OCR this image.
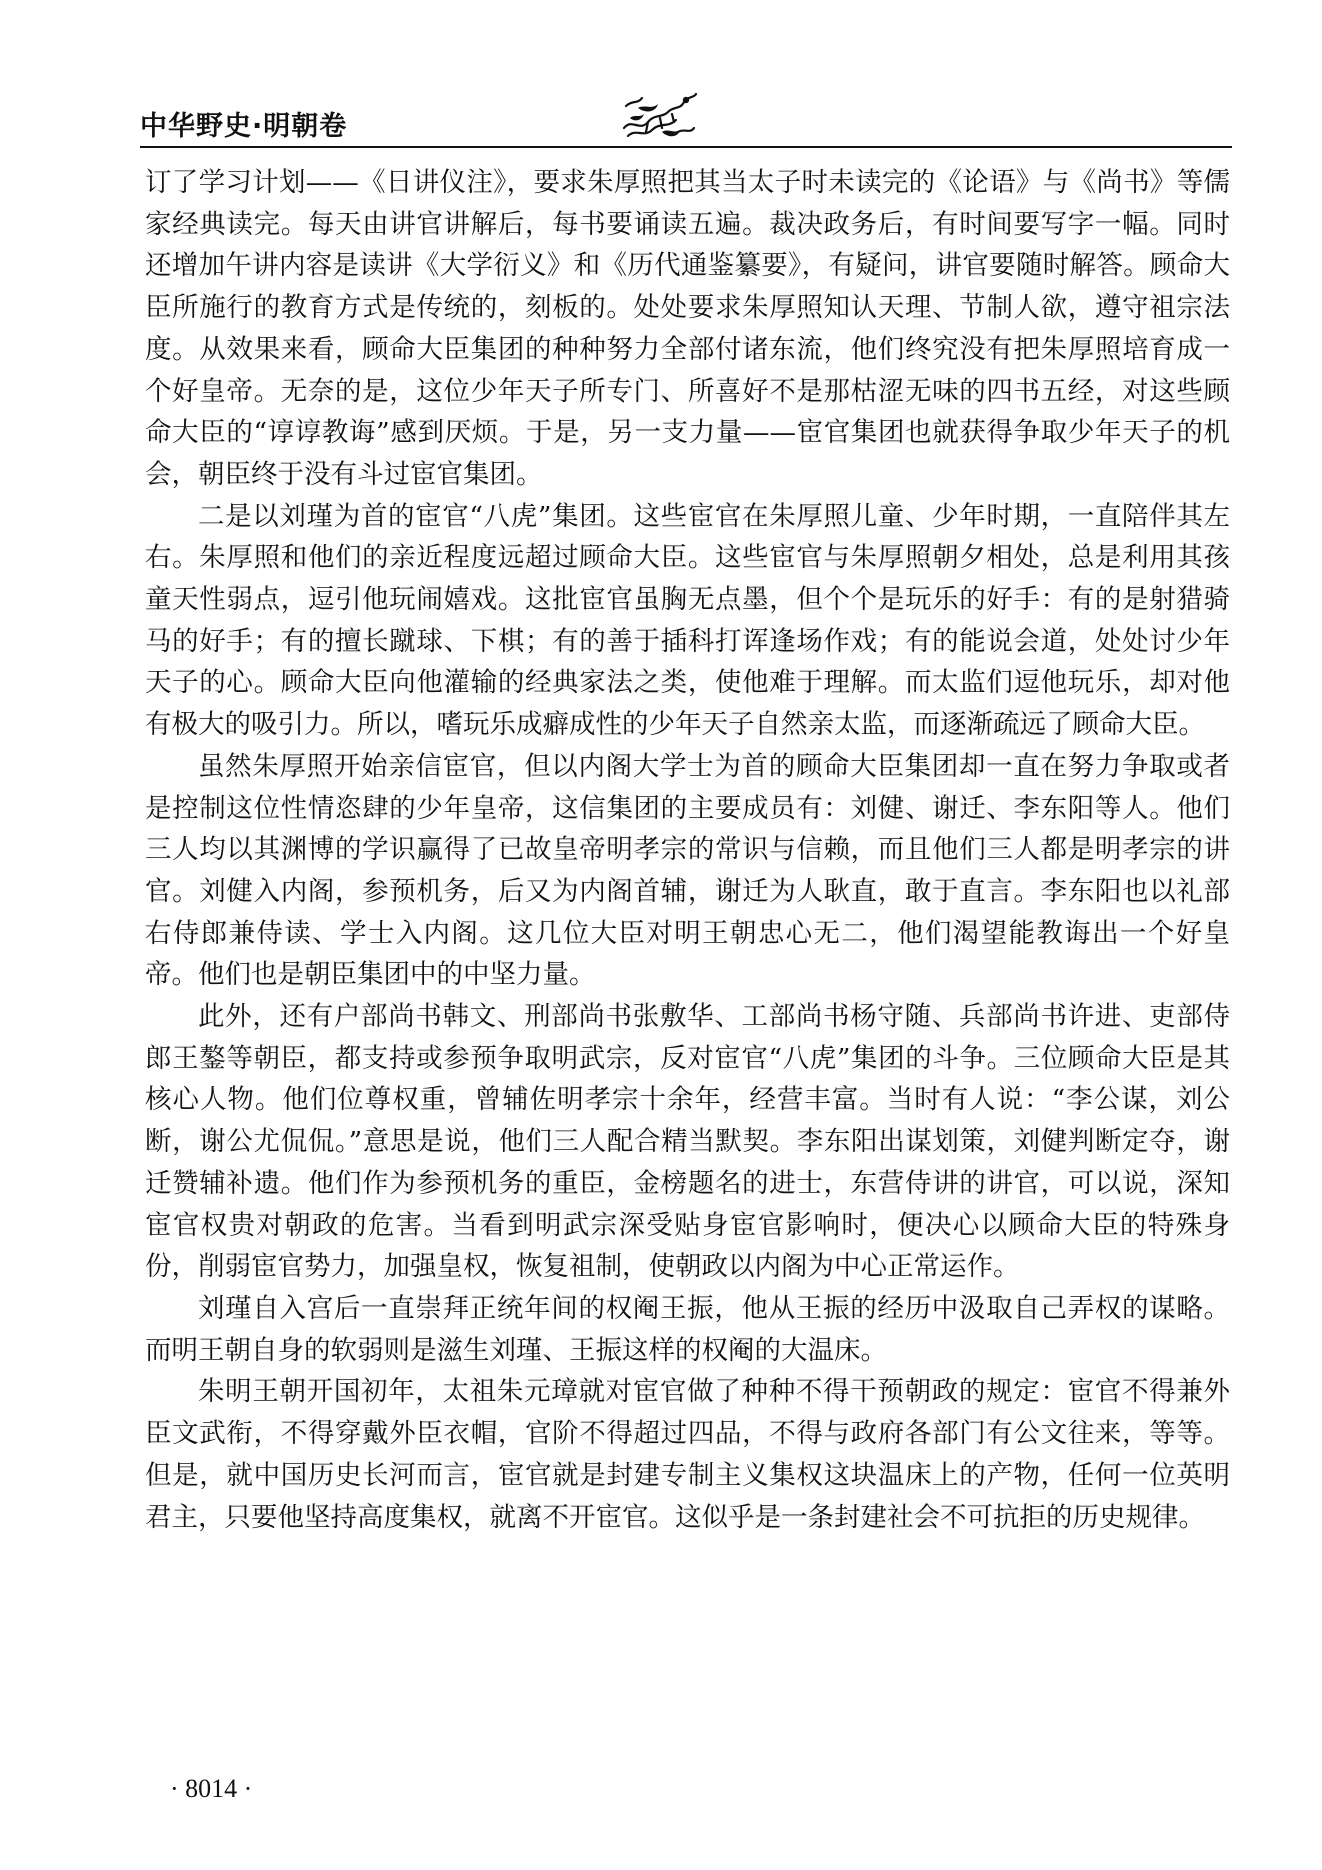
中华野史·明朝卷

订了学习计划——《日讲仪注》，要求朱厚照把其当太子时未读完的《论语》与《尚书》等儒家经典读完。每天由讲官讲解后，每书要诵读五遍。裁决政务后，有时间要写字一幅。同时还增加午讲内容是读讲《大学衍义》和《历代通鉴纂要》，有疑问，讲官要随时解答。顾命大臣所施行的教育方式是传统的，刻板的。处处要求朱厚照知认天理、节制人欲，遵守祖宗法度。从效果来看，顾命大臣集团的种种努力全部付诸东流，他们终究没有把朱厚照培育成一个好皇帝。无奈的是，这位少年天子所专门、所喜好不是那枯涩无味的四书五经，对这些顾命大臣的“谆谆教诲”感到厌烦。于是，另一支力量——宦官集团也就获得争取少年天子的机会，朝臣终于没有斗过宦官集团。

二是以刘瑾为首的宦官“八虎”集团。这些宦官在朱厚照儿童、少年时期，一直陪伴其左右。朱厚照和他们的亲近程度远超过顾命大臣。这些宦官与朱厚照朝夕相处，总是利用其孩童天性弱点，逗引他玩闹嬉戏。这批宦官虽胸无点墨，但个个是玩乐的好手：有的是射猎骑马的好手；有的擅长蹴球、下棋；有的善于插科打诨逢场作戏；有的能说会道，处处讨少年天子的心。顾命大臣向他灌输的经典家法之类，使他难于理解。而太监们逗他玩乐，却对他有极大的吸引力。所以，嗜玩乐成癖成性的少年天子自然亲太监，而逐渐疏远了顾命大臣。

虽然朱厚照开始亲信宦官，但以内阁大学士为首的顾命大臣集团却一直在努力争取或者是控制这位性情恣肆的少年皇帝，这信集团的主要成员有：刘健、谢迁、李东阳等人。他们三人均以其渊博的学识赢得了已故皇帝明孝宗的常识与信赖，而且他们三人都是明孝宗的讲官。刘健入内阁，参预机务，后又为内阁首辅，谢迁为人耿直，敢于直言。李东阳也以礼部右侍郎兼侍读、学士入内阁。这几位大臣对明王朝忠心无二，他们渴望能教诲出一个好皇帝。他们也是朝臣集团中的中坚力量。

此外，还有户部尚书韩文、刑部尚书张敷华、工部尚书杨守随、兵部尚书许进、吏部侍郎王鏊等朝臣，都支持或参预争取明武宗，反对宦官“八虎”集团的斗争。三位顾命大臣是其核心人物。他们位尊权重，曾辅佐明孝宗十余年，经营丰富。当时有人说：“李公谋，刘公断，谢公尤侃侃。”意思是说，他们三人配合精当默契。李东阳出谋划策，刘健判断定夺，谢迁赞辅补遗。他们作为参预机务的重臣，金榜题名的进士，东营侍讲的讲官，可以说，深知宦官权贵对朝政的危害。当看到明武宗深受贴身宦官影响时，便决心以顾命大臣的特殊身份，削弱宦官势力，加强皇权，恢复祖制，使朝政以内阁为中心正常运作。

刘瑾自入宫后一直崇拜正统年间的权阉王振，他从王振的经历中汲取自己弄权的谋略。而明王朝自身的软弱则是滋生刘瑾、王振这样的权阉的大温床。

朱明王朝开国初年，太祖朱元璋就对宦官做了种种不得干预朝政的规定：宦官不得兼外臣文武衔，不得穿戴外臣衣帽，官阶不得超过四品，不得与政府各部门有公文往来，等等。但是，就中国历史长河而言，宦官就是封建专制主义集权这块温床上的产物，任何一位英明君主，只要他坚持高度集权，就离不开宦官。这似乎是一条封建社会不可抗拒的历史规律。

· 8014 ·
